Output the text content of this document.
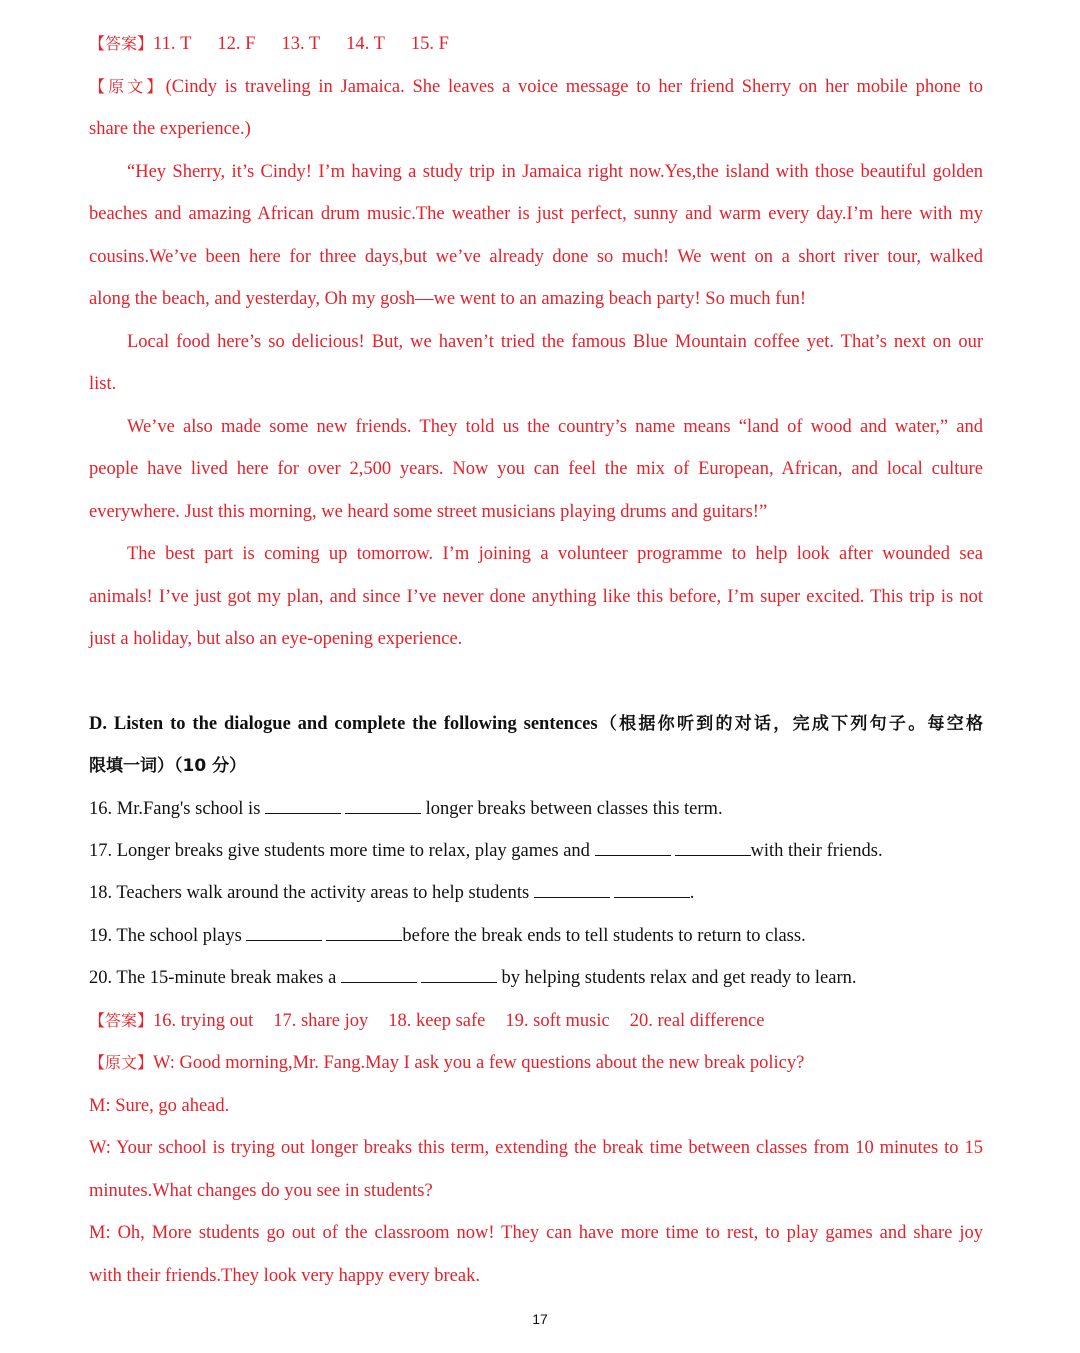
【答案】11. T 12. F 13. T 14. T 15. F
【原文】(Cindy is traveling in Jamaica. She leaves a voice message to her friend Sherry on her mobile phone to
share the experience.)
“Hey Sherry, it’s Cindy! I’m having a study trip in Jamaica right now.Yes,the island with those beautiful golden
beaches and amazing African drum music.The weather is just perfect, sunny and warm every day.I’m here with my
cousins.We’ve been here for three days,but we’ve already done so much! We went on a short river tour, walked
along the beach, and yesterday, Oh my gosh—we went to an amazing beach party! So much fun!
Local food here’s so delicious! But, we haven’t tried the famous Blue Mountain coffee yet. That’s next on our
list.
We’ve also made some new friends. They told us the country’s name means “land of wood and water,” and
people have lived here for over 2,500 years. Now you can feel the mix of European, African, and local culture
everywhere. Just this morning, we heard some street musicians playing drums and guitars!”
The best part is coming up tomorrow. I’m joining a volunteer programme to help look after wounded sea
animals! I’ve just got my plan, and since I’ve never done anything like this before, I’m super excited. This trip is not
just a holiday, but also an eye-opening experience.
D. Listen to the dialogue and complete the following sentences（根据你听到的对话，完成下列句子。每空格
限填一词）（10 分）
16. Mr.Fang's school is	longer breaks between classes this term.
17. Longer breaks give students more time to relax, play games and	with their friends.
18. Teachers walk around the activity areas to help students	.
19. The school plays	before the break ends to tell students to return to class.
20. The 15-minute break makes a	by helping students relax and get ready to learn.
【答案】16. trying out 17. share joy 18. keep safe 19. soft music 20. real difference
【原文】W: Good morning,Mr. Fang.May I ask you a few questions about the new break policy?
M: Sure, go ahead.
W: Your school is trying out longer breaks this term, extending the break time between classes from 10 minutes to 15
minutes.What changes do you see in students?
M: Oh, More students go out of the classroom now! They can have more time to rest, to play games and share joy
with their friends.They look very happy every break.
17
